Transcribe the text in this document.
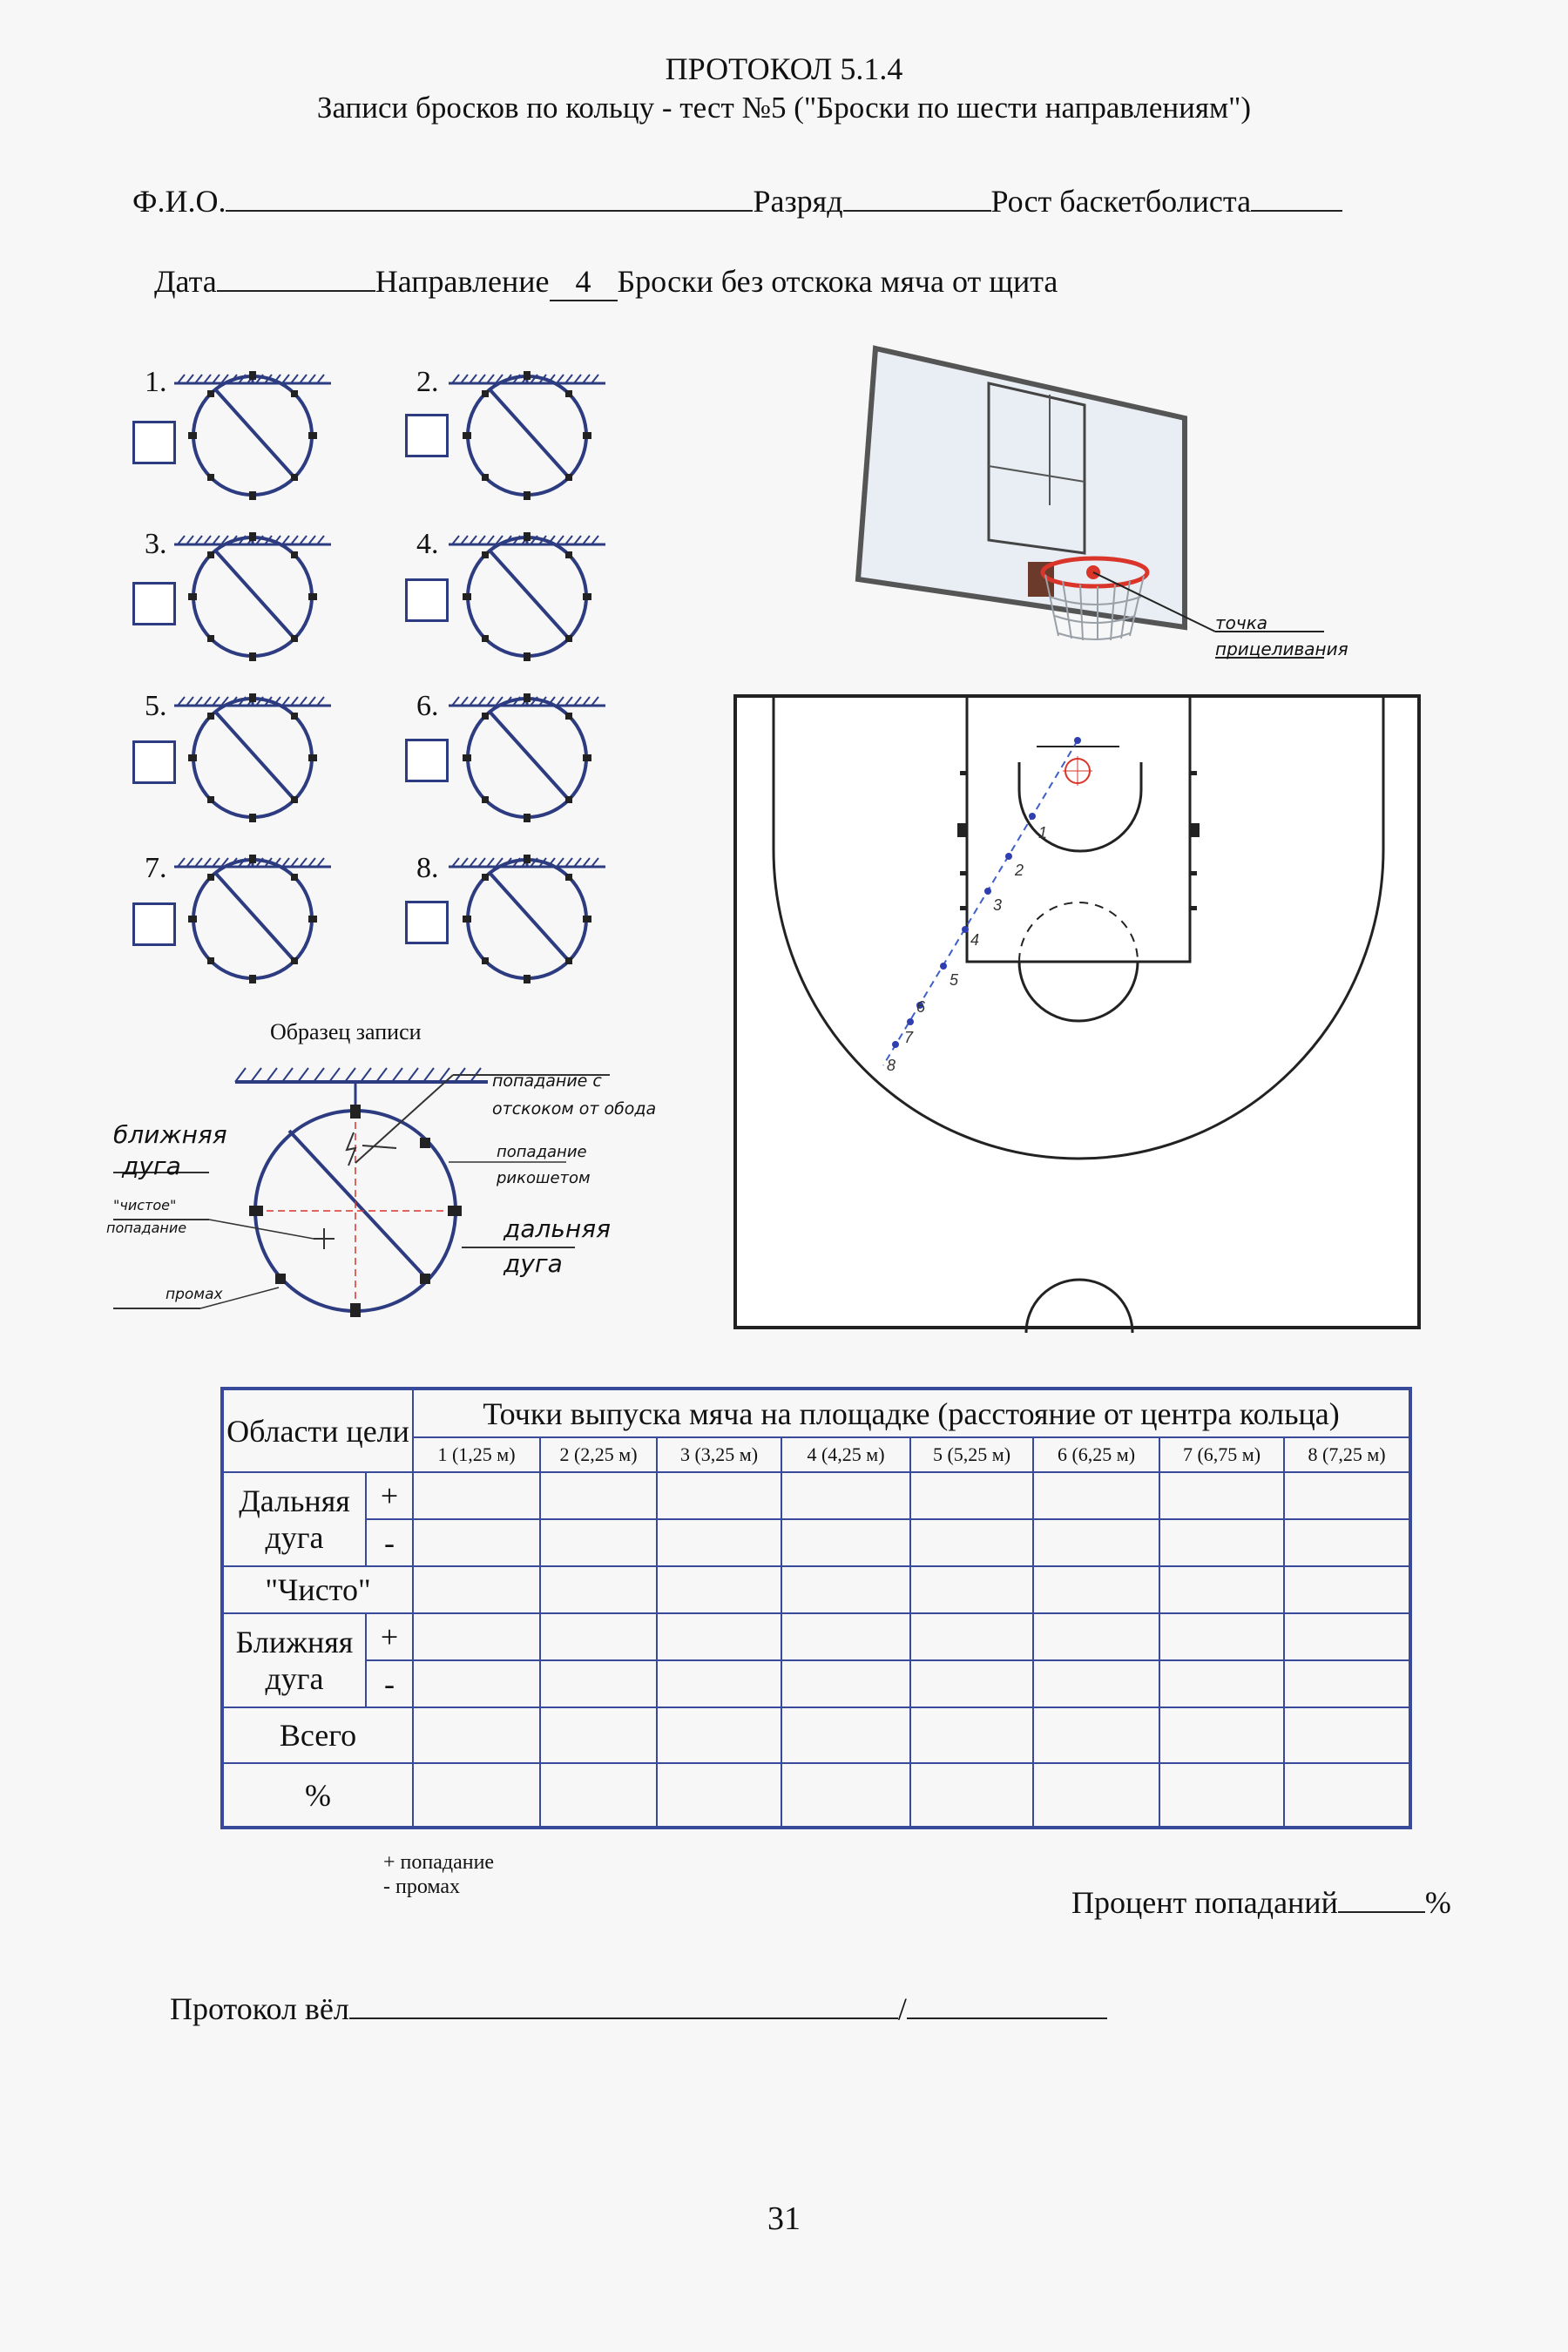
ПРОТОКОЛ 5.1.4
Записи бросков по кольцу - тест №5 ("Броски по шести направлениям")
Ф.И.О.	Разряд	Рост баскетболиста
Дата	Направление 4 Броски без отскока мяча от щита
1.	2.
3.	4.
5.	6.
7.	8.
точка
прицеливания
1
2
3
4
5
6
7
8
Образец записи
попадание с
отскоком от обода
ближняя
дуга	попадание
рикошетом
"чистое"
попадание	дальняя
дуга
промах
Области цели		Точки выпуска мяча на площадке (расстояние от центра кольца)							
		1 (1,25 м)	2 (2,25 м)	3 (3,25 м)	4 (4,25 м)	5 (5,25 м)	6 (6,25 м)	7 (6,75 м)	8 (7,25 м)
Дальняя
дуга	+								
	-								
"Чисто"									
Ближняя
дуга	+								
	-								
Всего									
%									
+ попадание
- промах	Процент попаданий	%
Протокол вёл	/
31
